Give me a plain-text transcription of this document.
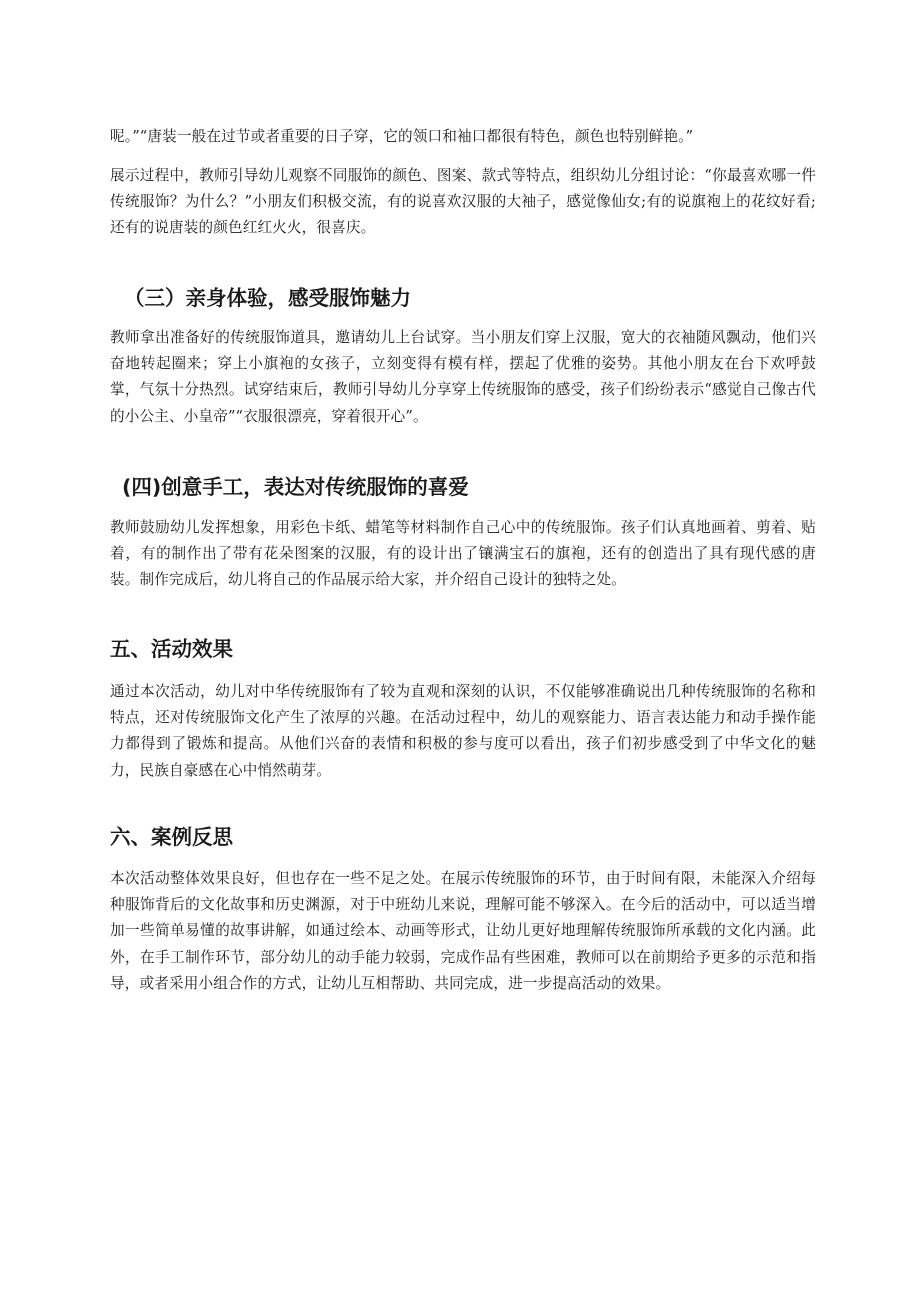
呢。”“唐装一般在过节或者重要的日子穿，它的领口和袖口都很有特色，颜色也特别鲜艳。”

展示过程中，教师引导幼儿观察不同服饰的颜色、图案、款式等特点，组织幼儿分组讨论：“你最喜欢哪一件传统服饰？为什么？”小朋友们积极交流，有的说喜欢汉服的大袖子，感觉像仙女;有的说旗袍上的花纹好看;还有的说唐装的颜色红红火火，很喜庆。

（三）亲身体验，感受服饰魅力

教师拿出准备好的传统服饰道具，邀请幼儿上台试穿。当小朋友们穿上汉服，宽大的衣袖随风飘动，他们兴奋地转起圈来；穿上小旗袍的女孩子，立刻变得有模有样，摆起了优雅的姿势。其他小朋友在台下欢呼鼓掌，气氛十分热烈。试穿结束后，教师引导幼儿分享穿上传统服饰的感受，孩子们纷纷表示“感觉自己像古代的小公主、小皇帝”“衣服很漂亮，穿着很开心”。

(四)创意手工，表达对传统服饰的喜爱

教师鼓励幼儿发挥想象，用彩色卡纸、蜡笔等材料制作自己心中的传统服饰。孩子们认真地画着、剪着、贴着，有的制作出了带有花朵图案的汉服，有的设计出了镶满宝石的旗袍，还有的创造出了具有现代感的唐装。制作完成后，幼儿将自己的作品展示给大家，并介绍自己设计的独特之处。

五、活动效果

通过本次活动，幼儿对中华传统服饰有了较为直观和深刻的认识，不仅能够准确说出几种传统服饰的名称和特点，还对传统服饰文化产生了浓厚的兴趣。在活动过程中，幼儿的观察能力、语言表达能力和动手操作能力都得到了锻炼和提高。从他们兴奋的表情和积极的参与度可以看出，孩子们初步感受到了中华文化的魅力，民族自豪感在心中悄然萌芽。

六、案例反思

本次活动整体效果良好，但也存在一些不足之处。在展示传统服饰的环节，由于时间有限，未能深入介绍每种服饰背后的文化故事和历史渊源，对于中班幼儿来说，理解可能不够深入。在今后的活动中，可以适当增加一些简单易懂的故事讲解，如通过绘本、动画等形式，让幼儿更好地理解传统服饰所承载的文化内涵。此外，在手工制作环节，部分幼儿的动手能力较弱，完成作品有些困难，教师可以在前期给予更多的示范和指导，或者采用小组合作的方式，让幼儿互相帮助、共同完成，进一步提高活动的效果。
